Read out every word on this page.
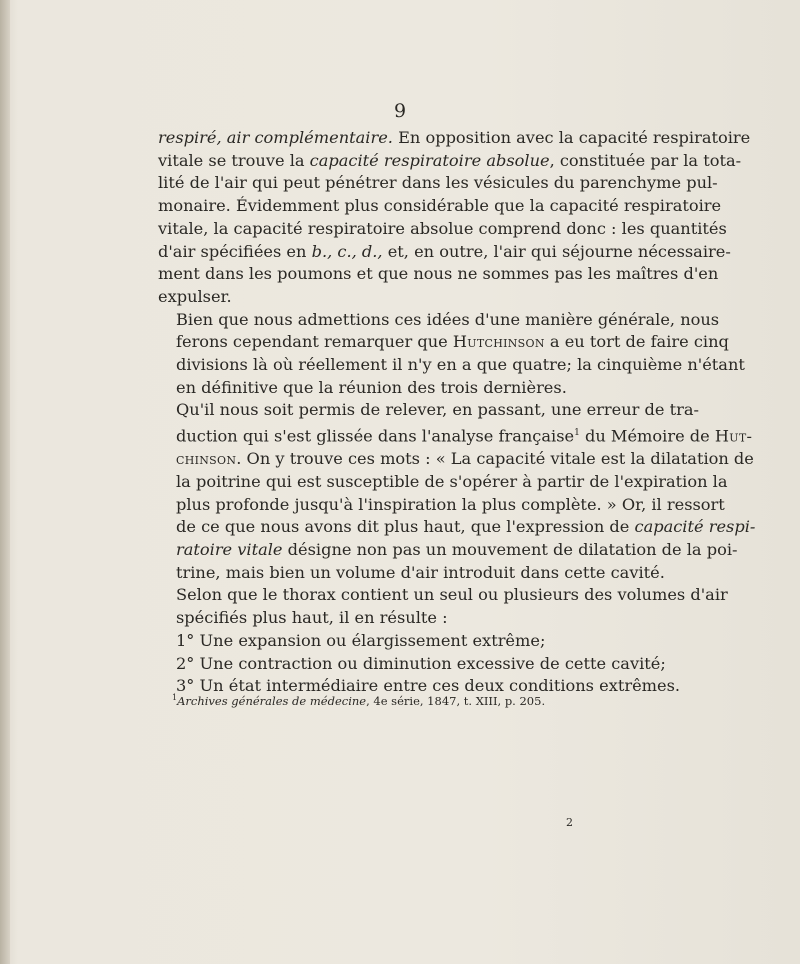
9

respiré, air complémentaire. En opposition avec la capacité respiratoire
vitale se trouve la capacité respiratoire absolue, constituée par la tota-
lité de l'air qui peut pénétrer dans les vésicules du parenchyme pul-
monaire. Évidemment plus considérable que la capacité respiratoire
vitale, la capacité respiratoire absolue comprend donc : les quantités
d'air spécifiées en b., c., d., et, en outre, l'air qui séjourne nécessaire-
ment dans les poumons et que nous ne sommes pas les maîtres d'en
expulser.

Bien que nous admettions ces idées d'une manière générale, nous
ferons cependant remarquer que Hutchinson a eu tort de faire cinq
divisions là où réellement il n'y en a que quatre; la cinquième n'étant
en définitive que la réunion des trois dernières.

Qu'il nous soit permis de relever, en passant, une erreur de tra-
duction qui s'est glissée dans l'analyse française$^1$ du Mémoire de Hut-
chinson. On y trouve ces mots : « La capacité vitale est la dilatation de
la poitrine qui est susceptible de s'opérer à partir de l'expiration la
plus profonde jusqu'à l'inspiration la plus complète. » Or, il ressort
de ce que nous avons dit plus haut, que l'expression de capacité respi-
ratoire vitale désigne non pas un mouvement de dilatation de la poi-
trine, mais bien un volume d'air introduit dans cette cavité.

Selon que le thorax contient un seul ou plusieurs des volumes d'air
spécifiés plus haut, il en résulte :

1° Une expansion ou élargissement extrême;
2° Une contraction ou diminution excessive de cette cavité;
3° Un état intermédiaire entre ces deux conditions extrêmes.

$^1$Archives générales de médecine, 4e série, 1847, t. XIII, p. 205.
2
